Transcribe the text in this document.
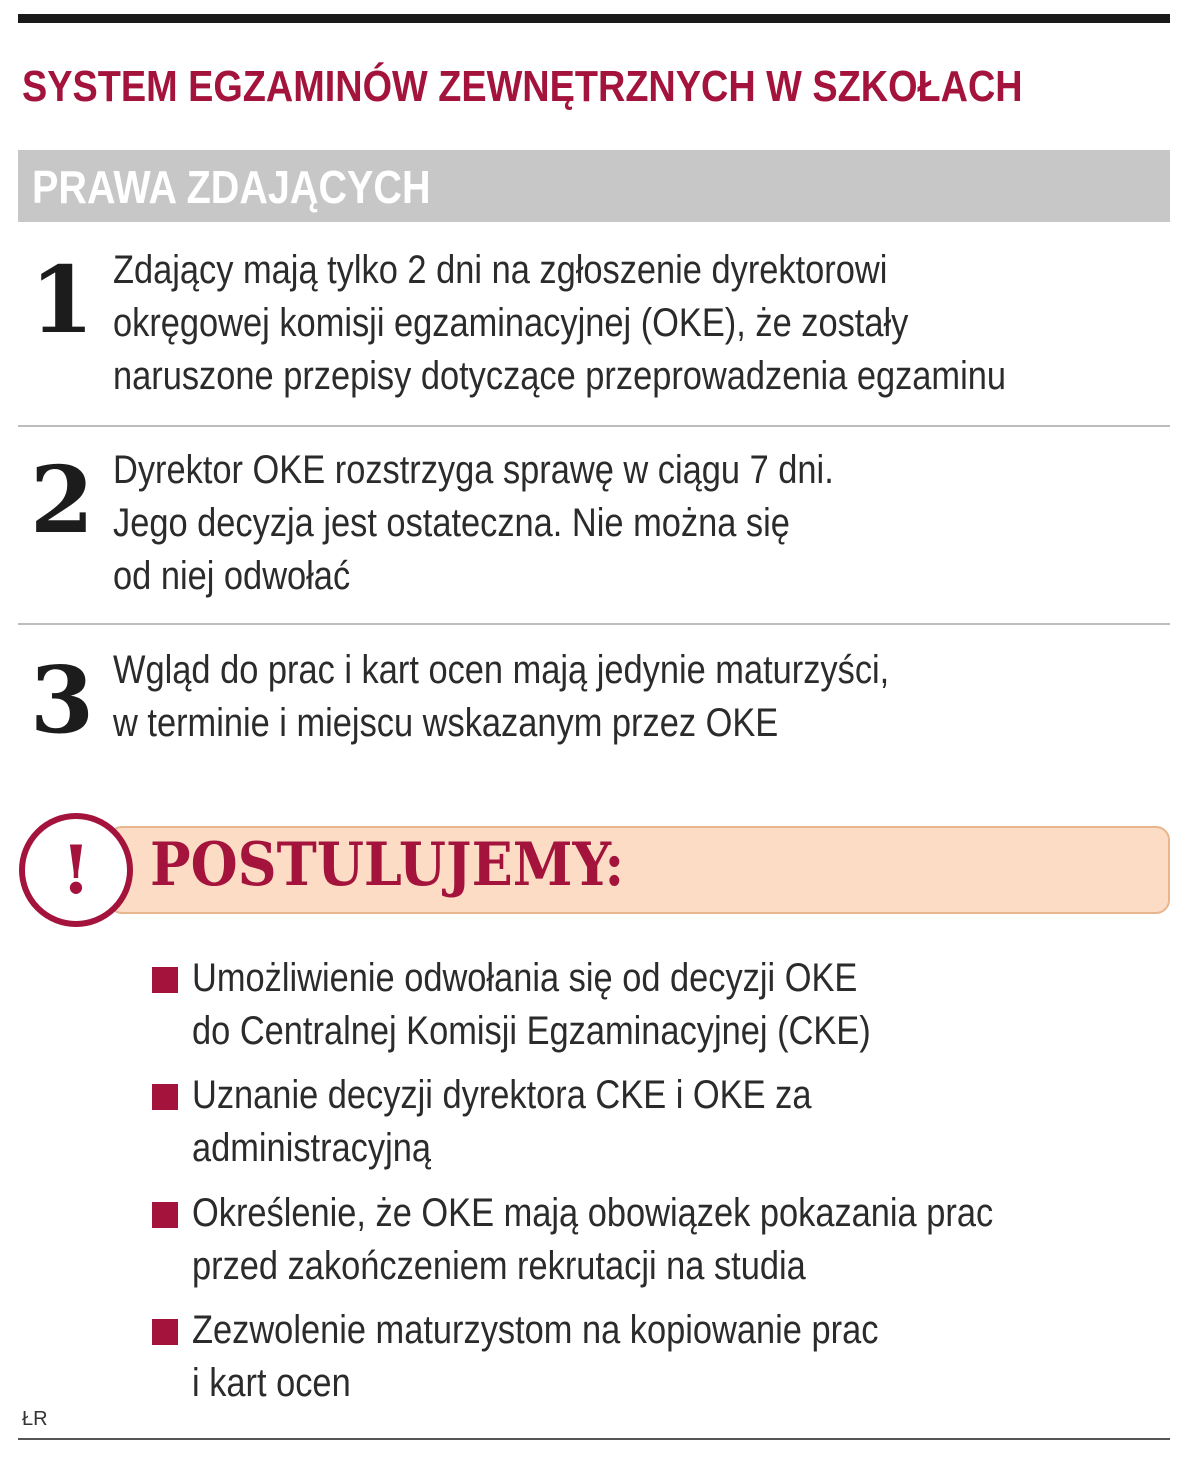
SYSTEM EGZAMINÓW ZEWNĘTRZNYCH W SZKOŁACH
PRAWA ZDAJĄCYCH
1 Zdający mają tylko 2 dni na zgłoszenie dyrektorowi
okręgowej komisji egzaminacyjnej (OKE), że zostały
naruszone przepisy dotyczące przeprowadzenia egzaminu

2 Dyrektor OKE rozstrzyga sprawę w ciągu 7 dni.
Jego decyzja jest ostateczna. Nie można się
od niej odwołać

3 Wgląd do prac i kart ocen mają jedynie maturzyści,
w terminie i miejscu wskazanym przez OKE

! POSTULUJEMY:

Umożliwienie odwołania się od decyzji OKE
do Centralnej Komisji Egzaminacyjnej (CKE)

Uznanie decyzji dyrektora CKE i OKE za
administracyjną

Określenie, że OKE mają obowiązek pokazania prac
przed zakończeniem rekrutacji na studia

Zezwolenie maturzystom na kopiowanie prac
i kart ocen

ŁR
